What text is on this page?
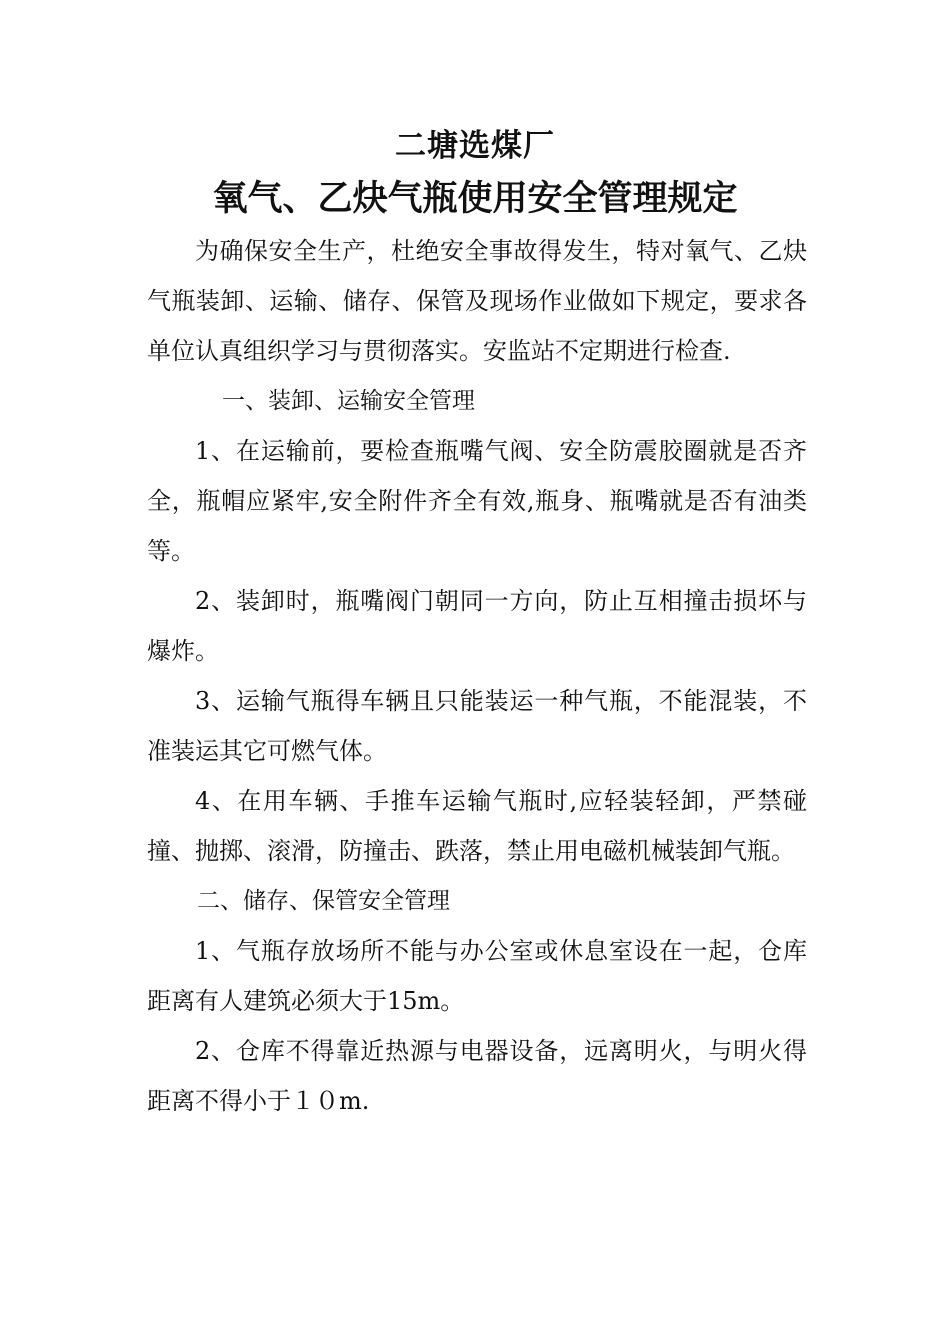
二塘选煤厂
氧气、乙炔气瓶使用安全管理规定

为确保安全生产，杜绝安全事故得发生，特对氧气、乙炔气瓶装卸、运输、储存、保管及现场作业做如下规定，要求各单位认真组织学习与贯彻落实。安监站不定期进行检查.

一、装卸、运输安全管理

1、在运输前，要检查瓶嘴气阀、安全防震胶圈就是否齐全，瓶帽应紧牢,安全附件齐全有效,瓶身、瓶嘴就是否有油类等。

2、装卸时，瓶嘴阀门朝同一方向，防止互相撞击损坏与爆炸。

3、运输气瓶得车辆且只能装运一种气瓶，不能混装，不准装运其它可燃气体。

4、在用车辆、手推车运输气瓶时,应轻装轻卸，严禁碰撞、抛掷、滚滑，防撞击、跌落，禁止用电磁机械装卸气瓶。

二、储存、保管安全管理

1、气瓶存放场所不能与办公室或休息室设在一起，仓库距离有人建筑必须大于15m。

2、仓库不得靠近热源与电器设备，远离明火，与明火得距离不得小于１０m.
